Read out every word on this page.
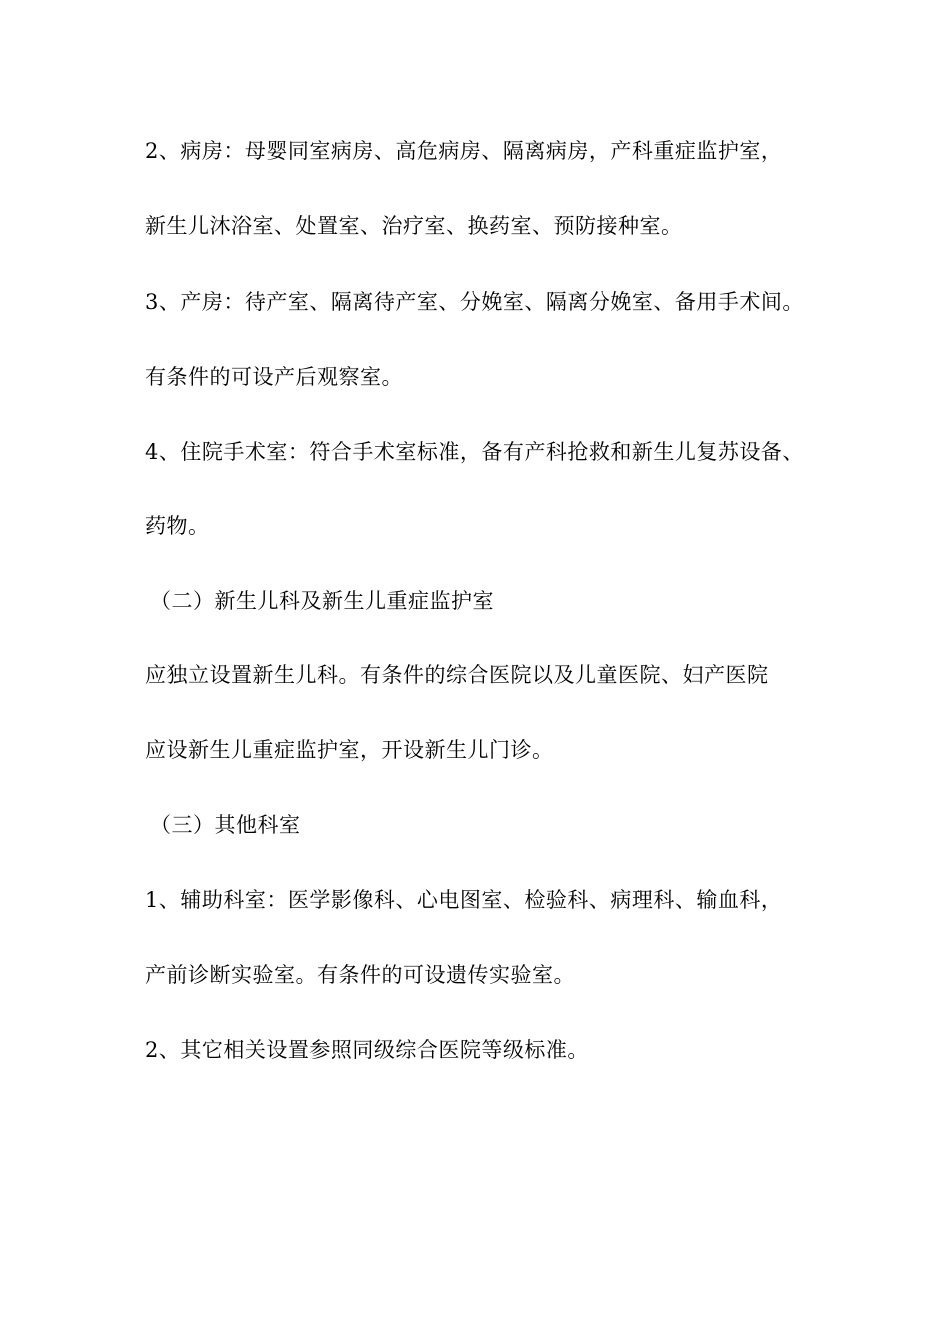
2、病房：母婴同室病房、高危病房、隔离病房，产科重症监护室，

新生儿沐浴室、处置室、治疗室、换药室、预防接种室。

3、产房：待产室、隔离待产室、分娩室、隔离分娩室、备用手术间。

有条件的可设产后观察室。

4、住院手术室：符合手术室标准，备有产科抢救和新生儿复苏设备、

药物。

（二）新生儿科及新生儿重症监护室

应独立设置新生儿科。有条件的综合医院以及儿童医院、妇产医院

应设新生儿重症监护室，开设新生儿门诊。

（三）其他科室

1、辅助科室：医学影像科、心电图室、检验科、病理科、输血科，

产前诊断实验室。有条件的可设遗传实验室。

2、其它相关设置参照同级综合医院等级标准。
